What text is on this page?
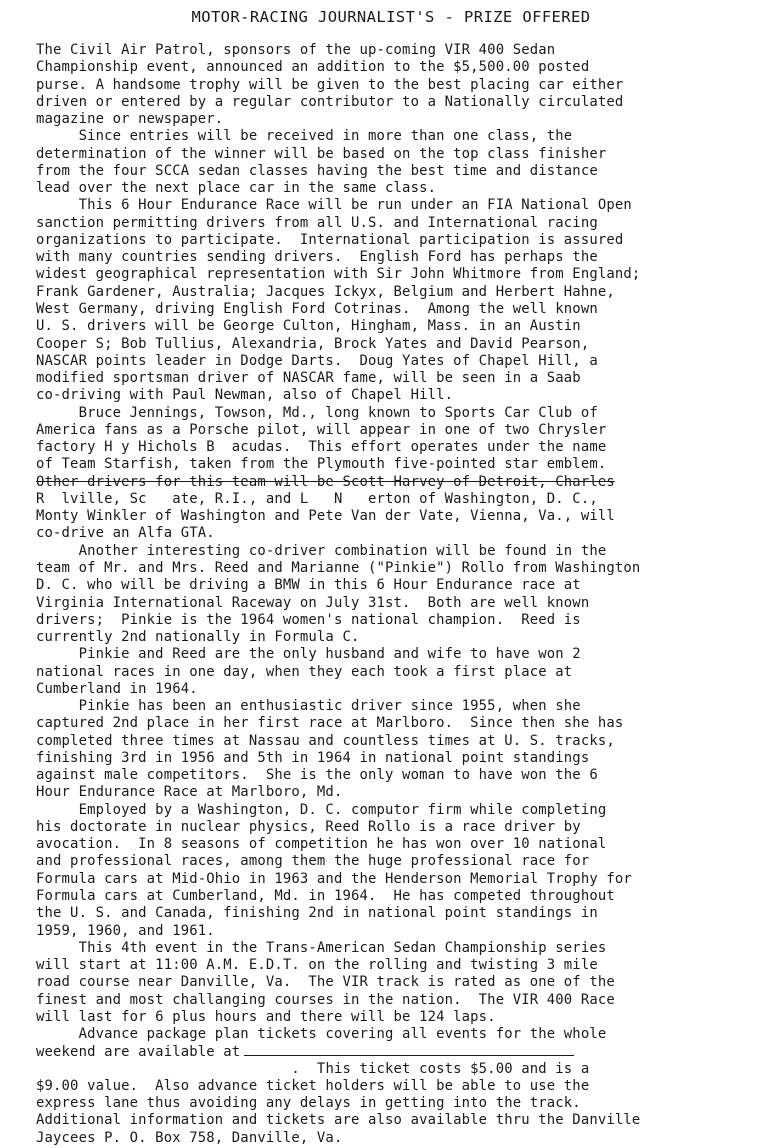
MOTOR-RACING JOURNALIST'S - PRIZE OFFERED
The Civil Air Patrol, sponsors of the up-coming VIR 400 Sedan
Championship event, announced an addition to the $5,500.00 posted
purse. A handsome trophy will be given to the best placing car either
driven or entered by a regular contributor to a Nationally circulated
magazine or newspaper.
Since entries will be received in more than one class, the
determination of the winner will be based on the top class finisher
from the four SCCA sedan classes having the best time and distance
lead over the next place car in the same class.
This 6 Hour Endurance Race will be run under an FIA National Open
sanction permitting drivers from all U.S. and International racing
organizations to participate.  International participation is assured
with many countries sending drivers.  English Ford has perhaps the
widest geographical representation with Sir John Whitmore from England;
Frank Gardener, Australia; Jacques Ickyx, Belgium and Herbert Hahne,
West Germany, driving English Ford Cotrinas.  Among the well known
U. S. drivers will be George Culton, Hingham, Mass. in an Austin
Cooper S; Bob Tullius, Alexandria, Brock Yates and David Pearson,
NASCAR points leader in Dodge Darts.  Doug Yates of Chapel Hill, a
modified sportsman driver of NASCAR fame, will be seen in a Saab
co-driving with Paul Newman, also of Chapel Hill.
Bruce Jennings, Towson, Md., long known to Sports Car Club of
America fans as a Porsche pilot, will appear in one of two Chrysler
factory H y Hichols B  acudas.  This effort operates under the name
of Team Starfish, taken from the Plymouth five-pointed star emblem.
Other drivers for this team will be Scott Harvey of Detroit, Charles
R  lville, Sc   ate, R.I., and L   N   erton of Washington, D. C.,
Monty Winkler of Washington and Pete Van der Vate, Vienna, Va., will
co-drive an Alfa GTA.
Another interesting co-driver combination will be found in the
team of Mr. and Mrs. Reed and Marianne ("Pinkie") Rollo from Washington
D. C. who will be driving a BMW in this 6 Hour Endurance race at
Virginia International Raceway on July 31st.  Both are well known
drivers;  Pinkie is the 1964 women's national champion.  Reed is
currently 2nd nationally in Formula C.
Pinkie and Reed are the only husband and wife to have won 2
national races in one day, when they each took a first place at
Cumberland in 1964.
Pinkie has been an enthusiastic driver since 1955, when she
captured 2nd place in her first race at Marlboro.  Since then she has
completed three times at Nassau and countless times at U. S. tracks,
finishing 3rd in 1956 and 5th in 1964 in national point standings
against male competitors.  She is the only woman to have won the 6
Hour Endurance Race at Marlboro, Md.
Employed by a Washington, D. C. computor firm while completing
his doctorate in nuclear physics, Reed Rollo is a race driver by
avocation.  In 8 seasons of competition he has won over 10 national
and professional races, among them the huge professional race for
Formula cars at Mid-Ohio in 1963 and the Henderson Memorial Trophy for
Formula cars at Cumberland, Md. in 1964.  He has competed throughout
the U. S. and Canada, finishing 2nd in national point standings in
1959, 1960, and 1961.
This 4th event in the Trans-American Sedan Championship series
will start at 11:00 A.M. E.D.T. on the rolling and twisting 3 mile
road course near Danville, Va.  The VIR track is rated as one of the
finest and most challanging courses in the nation.  The VIR 400 Race
will last for 6 plus hours and there will be 124 laps.
Advance package plan tickets covering all events for the whole
weekend are available at
.  This ticket costs $5.00 and is a
$9.00 value.  Also advance ticket holders will be able to use the
express lane thus avoiding any delays in getting into the track.
Additional information and tickets are also available thru the Danville
Jaycees P. O. Box 758, Danville, Va.
